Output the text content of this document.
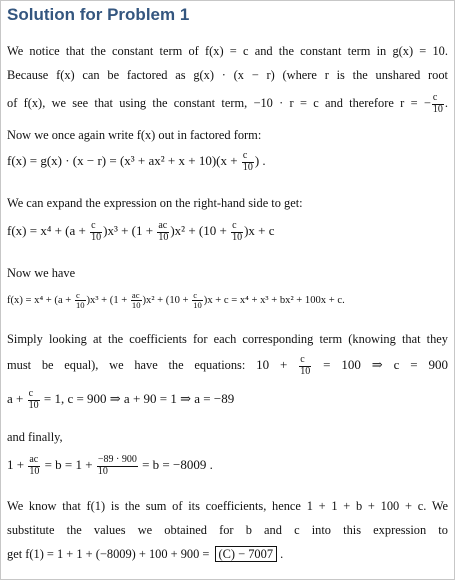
Solution for Problem 1
We notice that the constant term of f(x) = c and the constant term in g(x) = 10.
Because f(x) can be factored as g(x) · (x − r) (where r is the unshared root
of f(x), we see that using the constant term, −10 · r = c and therefore r = − $\frac{c}{10}$ .
Now we once again write f(x) out in factored form:
$f(x) = g(x) \cdot (x - r) = (x^3 + ax^2 + x + 10)(x + \frac{c}{10}$ ) .
We can expand the expression on the right-hand side to get:
$f(x) = x^4 + (a + \frac{c}{10} )x^3 + (1 + \frac{ac}{10} )x^2 + (10 + \frac{c}{10} )x + c$
Now we have
$f(x) = x^4 + (a + \frac{c}{10} )x^3 + (1 + \frac{ac}{10} )x^2 + (10 + \frac{c}{10} )x + c = x^4 + x^3 + bx^2 + 100x + c$.
Simply looking at the coefficients for each corresponding term (knowing that they
must be equal), we have the equations: $10 + \frac{c}{10} = 100$ ⇒ c = 900
$a + \frac{c}{10} = 1$, c = 900 ⇒ a + 90 = 1 ⇒ a = −89
and finally,
$1 + \frac{ac}{10} = b = 1 + \frac{-89 \cdot 900}{10} = b = -8009$ .
We know that f(1) is the sum of its coefficients, hence 1 + 1 + b + 100 + c. We
substitute the values we obtained for b and c into this expression to
get f(1) = 1 + 1 + (−8009) + 100 + 900 = (C) − 7007 .
